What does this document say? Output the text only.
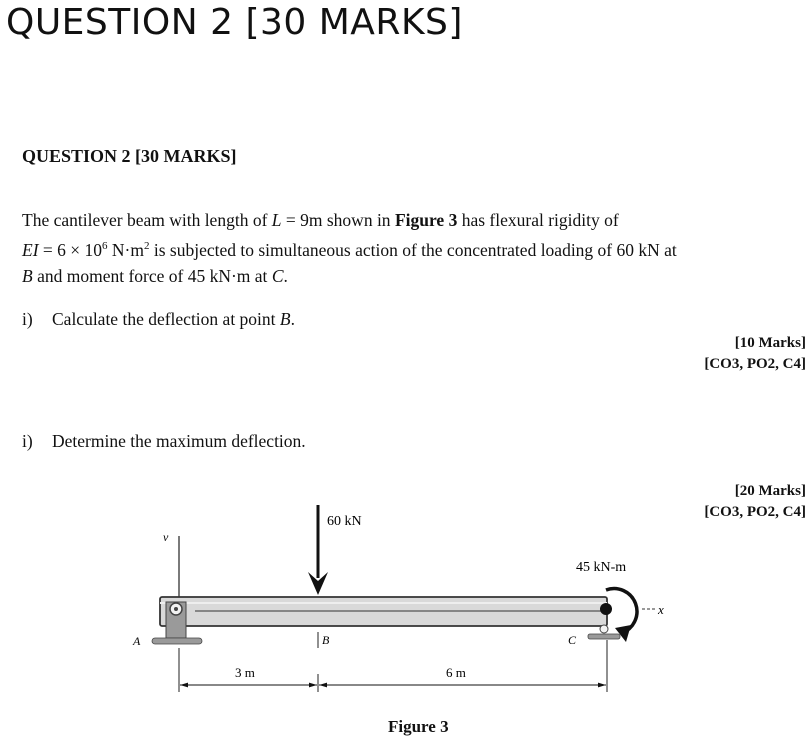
QUESTION 2 [30 MARKS]
QUESTION 2 [30 MARKS]
The cantilever beam with length of L = 9m shown in Figure 3 has flexural rigidity of
EI = $6 \times 10^6$ $N\cdot m^2$ is subjected to simultaneous action of the concentrated loading of 60 kN at
B and moment force of 45 kN·m at C.
i) Calculate the deflection at point B.
[10 Marks]
[CO3, PO2, C4]
i) Determine the maximum deflection.
[20 Marks]
[CO3, PO2, C4]
v
x
A	B	C
60 kN
45 kN-m
3 m	6 m
Figure 3
